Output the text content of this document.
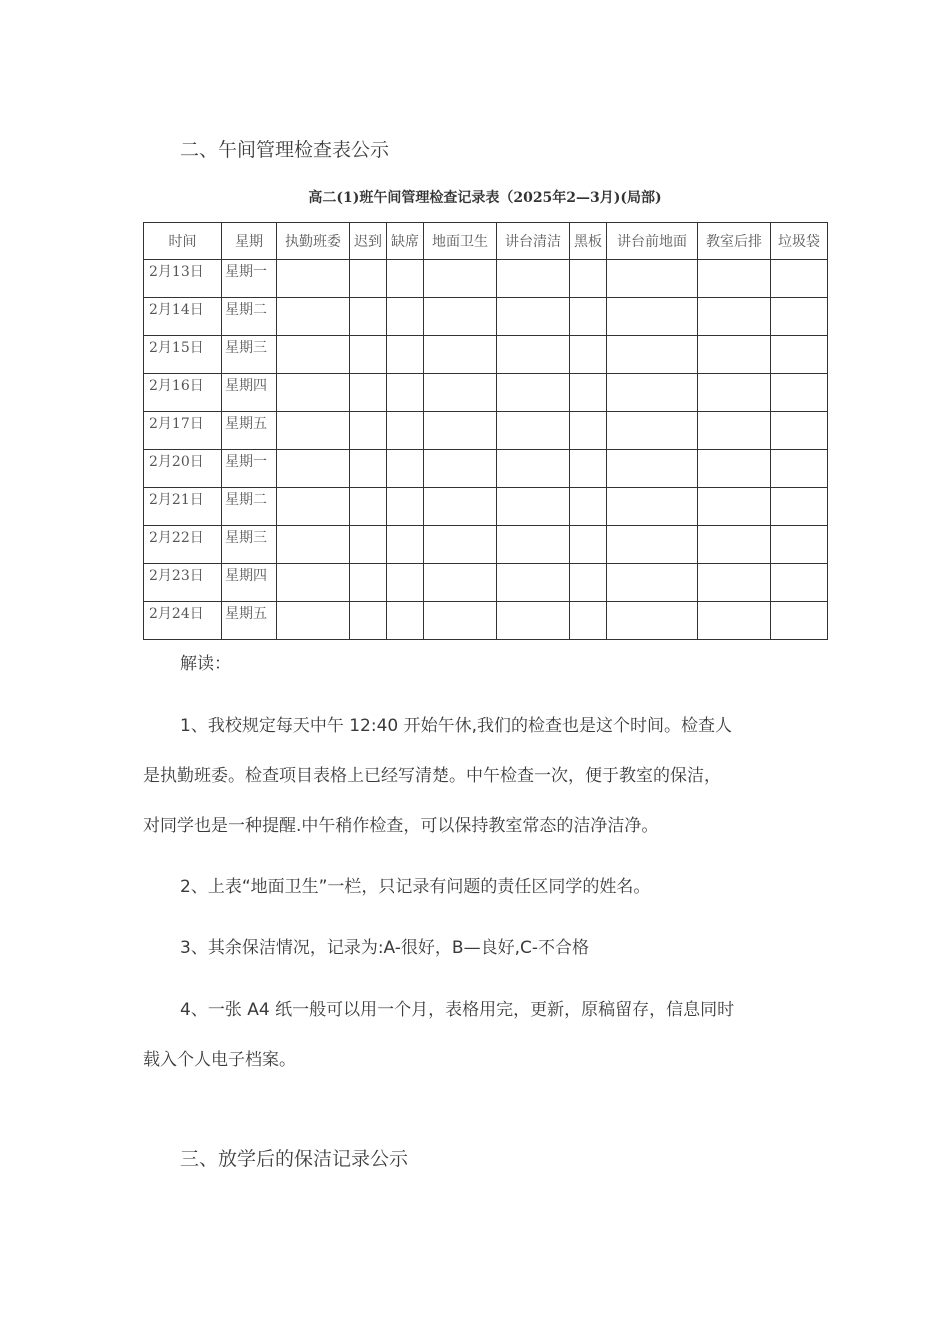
二、午间管理检查表公示
高二(1)班午间管理检查记录表（2025年2—3月)(局部)
时间	星期	执勤班委	迟到	缺席	地面卫生	讲台清洁	黑板	讲台前地面	教室后排	垃圾袋

2月13日	星期一									

2月14日	星期二									

2月15日	星期三									

2月16日	星期四									

2月17日	星期五									

2月20日	星期一									

2月21日	星期二									

2月22日	星期三									

2月23日	星期四									

2月24日	星期五									

解读：
1、我校规定每天中午 12:40 开始午休,我们的检查也是这个时间。检查人
是执勤班委。检查项目表格上已经写清楚。中午检查一次，便于教室的保洁，
对同学也是一种提醒.中午稍作检查，可以保持教室常态的洁净洁净。
2、上表“地面卫生”一栏，只记录有问题的责任区同学的姓名。
3、其余保洁情况，记录为:A-很好，B—良好,C-不合格
4、一张 A4 纸一般可以用一个月，表格用完，更新，原稿留存，信息同时
载入个人电子档案。
三、放学后的保洁记录公示
